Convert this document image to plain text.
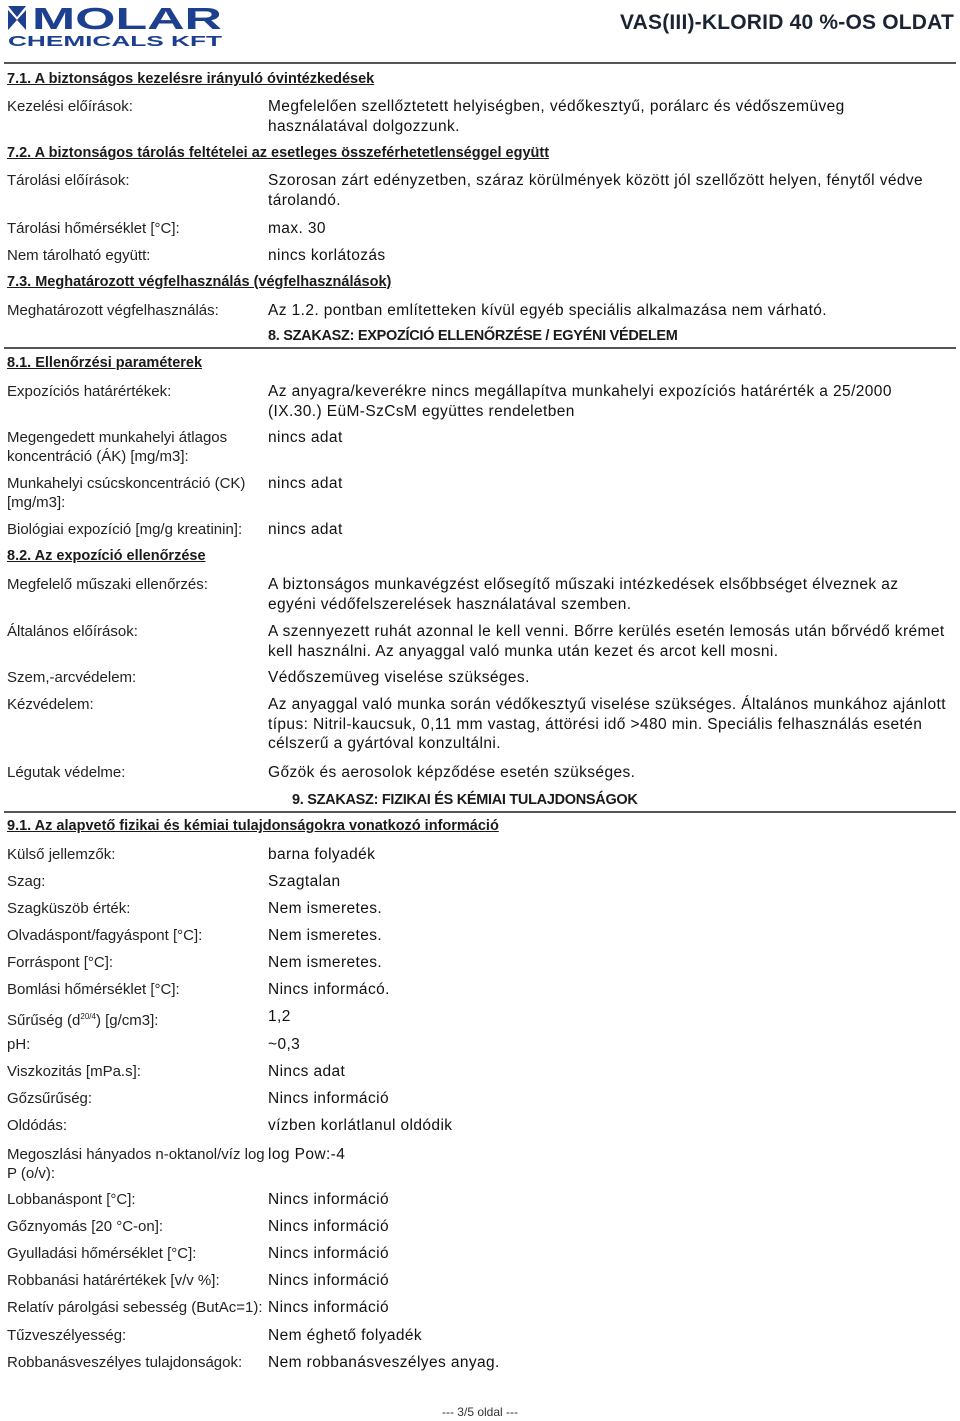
MOLAR
CHEMICALS KFT
VAS(III)-KLORID 40 %-OS OLDAT
7.1. A biztonságos kezelésre irányuló óvintézkedések
Kezelési előírások:	Megfelelően szellőztetett helyiségben, védőkesztyű, porálarc és védőszemüveg használatával dolgozzunk.
7.2. A biztonságos tárolás feltételei az esetleges összeférhetetlenséggel együtt
Tárolási előírások:	Szorosan zárt edényzetben, száraz körülmények között jól szellőzött helyen, fénytől védve tárolandó.
Tárolási hőmérséklet [°C]:	max. 30
Nem tárolható együtt:	nincs korlátozás
7.3. Meghatározott végfelhasználás (végfelhasználások)
Meghatározott végfelhasználás:	Az 1.2. pontban említetteken kívül egyéb speciális alkalmazása nem várható.
8. SZAKASZ: EXPOZÍCIÓ ELLENŐRZÉSE / EGYÉNI VÉDELEM
8.1. Ellenőrzési paraméterek
Expozíciós határértékek:	Az anyagra/keverékre nincs megállapítva munkahelyi expozíciós határérték a 25/2000 (IX.30.) EüM-SzCsM együttes rendeletben
Megengedett munkahelyi átlagos koncentráció (ÁK) [mg/m3]:
nincs adat
Munkahelyi csúcskoncentráció (CK) [mg/m3]:
nincs adat
Biológiai expozíció [mg/g kreatinin]:	nincs adat
8.2. Az expozíció ellenőrzése
Megfelelő műszaki ellenőrzés:	A biztonságos munkavégzést elősegítő műszaki intézkedések elsőbbséget élveznek az egyéni védőfelszerelések használatával szemben.
Általános előírások:	A szennyezett ruhát azonnal le kell venni. Bőrre kerülés esetén lemosás után bőrvédő krémet kell használni. Az anyaggal való munka után kezet és arcot kell mosni.
Szem,-arcvédelem:	Védőszemüveg viselése szükséges.
Kézvédelem:	Az anyaggal való munka során védőkesztyű viselése szükséges. Általános munkához ajánlott típus: Nitril-kaucsuk, 0,11 mm vastag, áttörési idő >480 min. Speciális felhasználás esetén célszerű a gyártóval konzultálni.
Légutak védelme:	Gőzök és aerosolok képződése esetén szükséges.
9. SZAKASZ: FIZIKAI ÉS KÉMIAI TULAJDONSÁGOK
9.1. Az alapvető fizikai és kémiai tulajdonságokra vonatkozó információ
Külső jellemzők:	barna folyadék
Szag:	Szagtalan
Szagküszöb érték:	Nem ismeretes.
Olvadáspont/fagyáspont [°C]:	Nem ismeretes.
Forráspont [°C]:	Nem ismeretes.
Bomlási hőmérséklet [°C]:	Nincs informácó.
Sűrűség $(d^{20/4})$ [g/cm3]:	1,2
pH:	~0,3
Viszkozitás [mPa.s]:	Nincs adat
Gőzsűrűség:	Nincs információ
Oldódás:	vízben korlátlanul oldódik
Megoszlási hányados n-oktanol/víz log P (o/v):
log Pow:-4
Lobbanáspont [°C]:	Nincs információ
Gőznyomás [20 °C-on]:	Nincs információ
Gyulladási hőmérséklet [°C]:	Nincs információ
Robbanási határértékek [v/v %]:	Nincs információ
Relatív párolgási sebesség (ButAc=1): Nincs információ
Tűzveszélyesség:	Nem éghető folyadék
Robbanásveszélyes tulajdonságok:	Nem robbanásveszélyes anyag.
--- 3/5 oldal ---
